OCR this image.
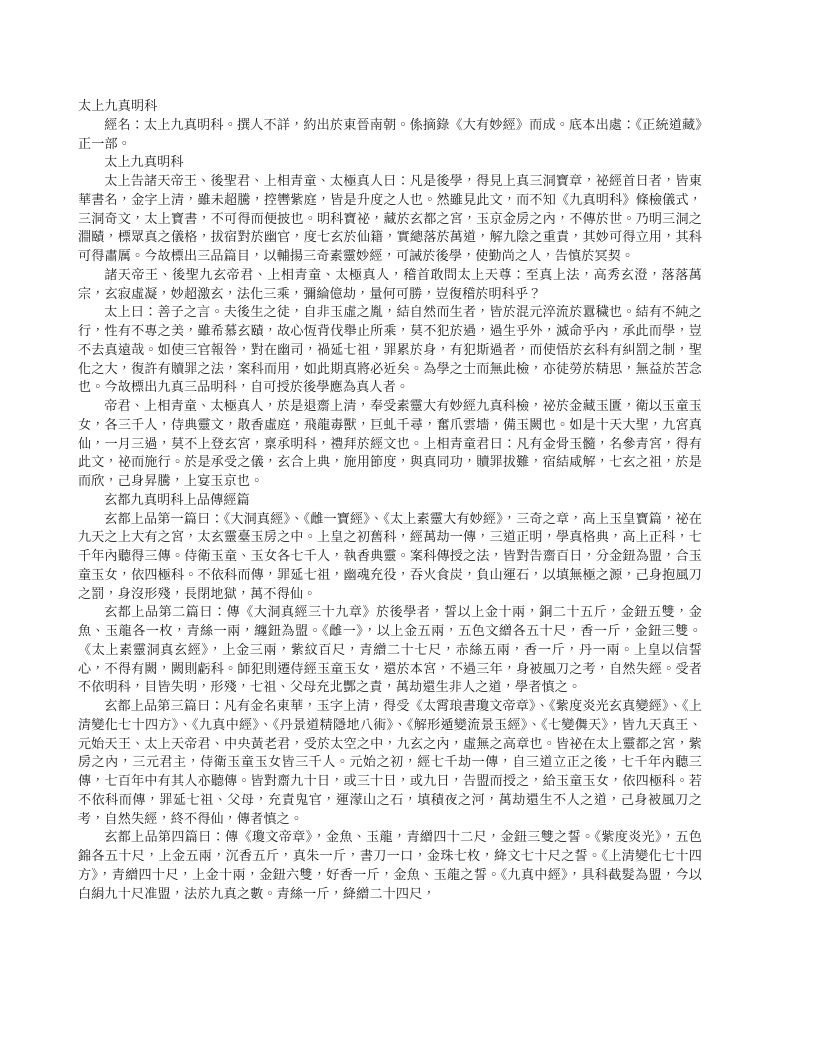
太上九真明科

經名：太上九真明科。撰人不詳，約出於東晉南朝。係摘錄《大有妙經》而成。底本出處：《正統道藏》正一部。

太上九真明科

太上告諸天帝王、後聖君、上相青童、太極真人曰：凡是後學，得見上真三洞寶章，祕經首日者，皆東華書名，金字上清，雖未超騰，控轡紫庭，皆是升度之人也。然雖見此文，而不知《九真明科》條檢儀式，三洞奇文，太上寶書，不可得而便披也。明科寶祕，藏於玄都之宮，玉京金房之內，不傳於世。乃明三洞之淵賾，標眾真之儀格，拔宿對於幽官，度七玄於仙籍，實總落於萬道，解九陰之重責，其妙可得立用，其科可得肅厲。今故標出三品篇目，以輔揚三奇素靈妙經，可誡於後學，使勤尚之人，告慎於冥契。

諸天帝王、後聖九玄帝君、上相青童、太極真人，稽首敢問太上天尊：至真上法，高秀玄澄，落落萬宗，玄寂虛凝，妙超激玄，法化三乘，彌綸億劫，量何可勝，豈復稽於明科乎？

太上曰：善子之言。夫後生之徒，自非玉虛之胤，結自然而生者，皆於混元淬流於囂穢也。結有不純之行，性有不專之美，雖希慕玄賾，故心恆背伐舉止所乘，莫不犯於過，過生乎外，滅命乎內，承此而學，豈不去真遠哉。如使三官報咎，對在幽司，禍延七祖，罪累於身，有犯斯過者，而使悟於玄科有糾罰之制，聖化之大，復許有贖罪之法，案科而用，如此期真將必近矣。為學之士而無此檢，亦徒勞於精思，無益於苦念也。今故標出九真三品明科，自可授於後學應為真人者。

帝君、上相青童、太極真人，於是退齋上清，奉受素靈大有妙經九真科檢，祕於金藏玉匱，衛以玉童玉女，各三千人，侍典靈文，散香虛庭，飛龍毒獸，巨虬千尋，奮爪雲墻，備玉闕也。如是十天大聖，九宮真仙，一月三過，莫不上登玄宮，稟承明科，禮拜於經文也。上相青童君曰：凡有金骨玉髓，名參青宮，得有此文，祕而施行。於是承受之儀，玄合上典，施用節度，與真同功，贖罪拔難，宿結咸解，七玄之祖，於是而欣，己身昇騰，上宴玉京也。

玄都九真明科上品傳經篇

玄都上品第一篇曰：《大洞真經》、《雌一寶經》、《太上素靈大有妙經》，三奇之章，高上玉皇寶篇，祕在九天之上大有之宮，太玄靈臺玉房之中。上皇之初舊科，經萬劫一傳，三道正明，學真格典，高上正科，七千年內聽得三傳。侍衛玉童、玉女各七千人，執香典靈。案科傳授之法，皆對告齋百日，分金鈕為盟，合玉童玉女，依四極科。不依科而傳，罪延七祖，幽魂充役，吞火食炭，負山運石，以填無極之源，己身抱風刀之罰，身沒形殘，長閉地獄，萬不得仙。

玄都上品第二篇曰：傳《大洞真經三十九章》於後學者，誓以上金十兩，銅二十五斤，金鈕五雙，金魚、玉龍各一枚，青絲一兩，纏鈕為盟。《雌一》，以上金五兩，五色文繒各五十尺，香一斤，金鈕三雙。《太上素靈洞真玄經》，上金三兩，紫紋百尺，青繒二十七尺，赤絲五兩，香一斤，丹一兩。上皇以信誓心，不得有闕，闕則虧科。師犯則遷侍經玉童玉女，還於本宮，不過三年，身被風刀之考，自然失經。受者不依明科，目皆失明，形殘，七祖、父母充北酆之責，萬劫還生非人之道，學者慎之。

玄都上品第三篇曰：凡有金名東華，玉字上清，得受《太霄琅書瓊文帝章》、《紫度炎光玄真變經》、《上清變化七十四方》、《九真中經》、《丹景道精隱地八術》、《解形遁變流景玉經》、《七變儛天》，皆九天真王、元始天王、太上天帝君、中央黃老君，受於太空之中，九玄之內，虛無之高章也。皆祕在太上靈都之宮，紫房之內，三元君主，侍衛玉童玉女皆三千人。元始之初，經七千劫一傳，自三道立正之後，七千年內聽三傳，七百年中有其人亦聽傳。皆對齋九十日，或三十日，或九日，告盟而授之，給玉童玉女，依四極科。若不依科而傳，罪延七祖、父母，充責鬼官，運濛山之石，填積夜之河，萬劫還生不人之道，己身被風刀之考，自然失經，終不得仙，傳者慎之。

玄都上品第四篇曰：傳《瓊文帝章》，金魚、玉龍，青繒四十二尺，金鈕三雙之誓。《紫度炎光》，五色錦各五十尺，上金五兩，沉香五斤，真朱一斤，書刀一口，金珠七枚，絳文七十尺之誓。《上清變化七十四方》，青繒四十尺，上金十兩，金鈕六雙，好香一斤，金魚、玉龍之誓。《九真中經》，具科截髮為盟，今以白絹九十尺准盟，法於九真之數。青絲一斤，絳繒二十四尺，
